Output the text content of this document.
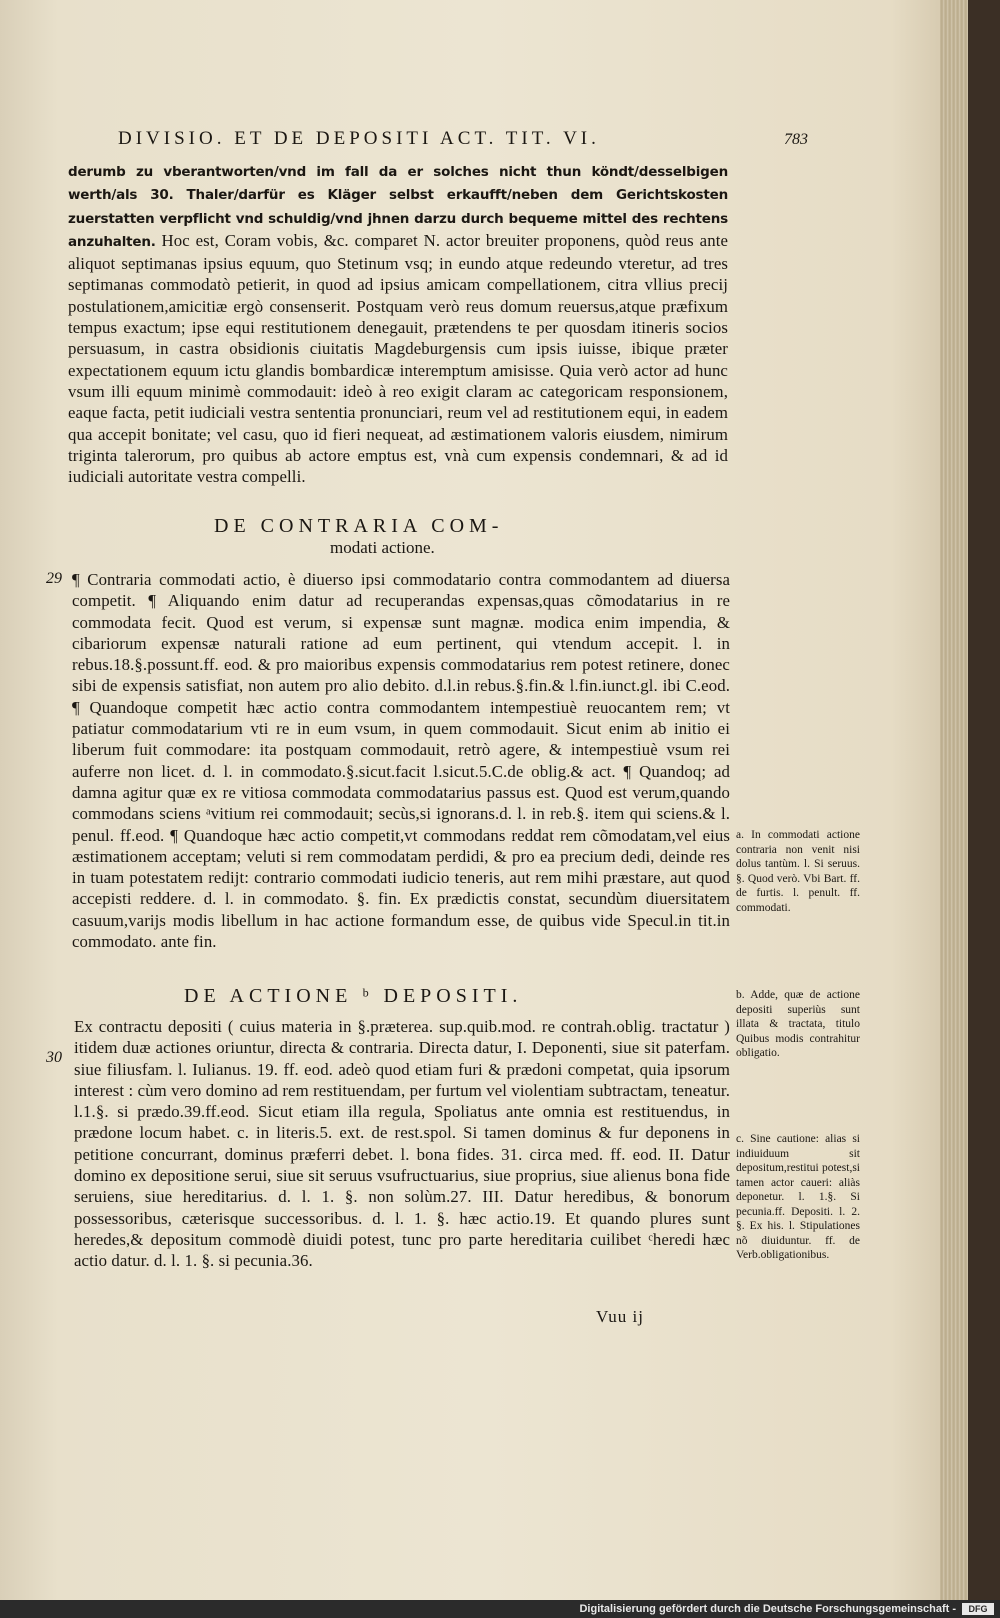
DIVISIO. ET DE DEPOSITI ACT. TIT. VI.	783

derumb zu vberantworten/vnd im fall da er solches nicht thun köndt/desselbigen werth/als 30. Thaler/darfür es Kläger selbst erkaufft/neben dem Gerichtskosten zuerstatten verpflicht vnd schuldig/vnd jhnen darzu durch bequeme mittel des rechtens anzuhalten. Hoc est, Coram vobis, &c. comparet N. actor breuiter proponens, quòd reus ante aliquot septimanas ipsius equum, quo Stetinum vsq; in eundo atque redeundo vteretur, ad tres septimanas commodatò petierit, in quod ad ipsius amicam compellationem, citra vllius precij postulationem,amicitiæ ergò consenserit. Postquam verò reus domum reuersus,atque præfixum tempus exactum; ipse equi restitutionem denegauit, prætendens te per quosdam itineris socios persuasum, in castra obsidionis ciuitatis Magdeburgensis cum ipsis iuisse, ibique præter expectationem equum ictu glandis bombardicæ interemptum amisisse. Quia verò actor ad hunc vsum illi equum minimè commodauit: ideò à reo exigit claram ac categoricam responsionem, eaque facta, petit iudiciali vestra sententia pronunciari, reum vel ad restitutionem equi, in eadem qua accepit bonitate; vel casu, quo id fieri nequeat, ad æstimationem valoris eiusdem, nimirum triginta talerorum, pro quibus ab actore emptus est, vnà cum expensis condemnari, & ad id iudiciali autoritate vestra compelli.

DE CONTRARIA COM-
modati actione.
29 ¶ Contraria commodati actio, è diuerso ipsi commodatario contra commodantem ad diuersa competit. ¶ Aliquando enim datur ad recuperandas expensas,quas cõmodatarius in re commodata fecit. Quod est verum, si expensæ sunt magnæ. modica enim impendia, & cibariorum expensæ naturali ratione ad eum pertinent, qui vtendum accepit. l. in rebus.18.§.possunt.ff. eod. & pro maioribus expensis commodatarius rem potest retinere, donec sibi de expensis satisfiat, non autem pro alio debito. d.l.in rebus.§.fin.& l.fin.iunct.gl. ibi C.eod. ¶ Quandoque competit hæc actio contra commodantem intempestiuè reuocantem rem; vt patiatur commodatarium vti re in eum vsum, in quem commodauit. Sicut enim ab initio ei liberum fuit commodare: ita postquam commodauit, retrò agere, & intempestiuè vsum rei auferre non licet. d. l. in commodato.§.sicut.facit l.sicut.5.C.de oblig.& act. ¶ Quandoq; ad damna agitur quæ ex re vitiosa commodata commodatarius passus est. Quod est verum,quando commodans sciens ᵃvitium rei commodauit; secùs,si ignorans.d. l. in reb.§. item qui sciens.& l. penul. ff.eod. ¶ Quandoque hæc actio competit,vt commodans reddat rem cõmodatam,vel eius æstimationem acceptam; veluti si rem commodatam perdidi, & pro ea precium dedi, deinde res in tuam potestatem redijt: contrario commodati iudicio teneris, aut rem mihi præstare, aut quod accepisti reddere. d. l. in commodato. §. fin. Ex prædictis constat, secundùm diuersitatem casuum,varijs modis libellum in hac actione formandum esse, de quibus vide Specul.in tit.in commodato. ante fin.

DE ACTIONE ᵇ DEPOSITI.
30

Ex contractu depositi ( cuius materia in §.præterea. sup.quib.mod. re contrah.oblig. tractatur ) itidem duæ actiones oriuntur, directa & contraria. Directa datur, I. Deponenti, siue sit paterfam. siue filiusfam. l. Iulianus. 19. ff. eod. adeò quod etiam furi & prædoni competat, quia ipsorum interest : cùm vero domino ad rem restituendam, per furtum vel violentiam subtractam, teneatur. l.1.§. si prædo.39.ff.eod. Sicut etiam illa regula, Spoliatus ante omnia est restituendus, in prædone locum habet. c. in literis.5. ext. de rest.spol. Si tamen dominus & fur deponens in petitione concurrant, dominus præferri debet. l. bona fides. 31. circa med. ff. eod. II. Datur domino ex depositione serui, siue sit seruus vsufructuarius, siue proprius, siue alienus bona fide seruiens, siue hereditarius. d. l. 1. §. non solùm.27. III. Datur heredibus, & bonorum possessoribus, cæterisque successoribus. d. l. 1. §. hæc actio.19. Et quando plures sunt heredes,& depositum commodè diuidi potest, tunc pro parte hereditaria cuilibet ᶜheredi hæc actio datur. d. l. 1. §. si pecunia.36.

a. In commodati actione contraria non venit nisi dolus tantùm. l. Si seruus. §. Quod verò. Vbi Bart. ff. de furtis. l. penult. ff. commodati.

b. Adde, quæ de actione depositi superiùs sunt illata & tractata, titulo Quibus modis contrahitur obligatio.

c. Sine cautione: alias si indiuiduum sit depositum,restitui potest,si tamen actor caueri: aliàs deponetur. l. 1.§. Si pecunia.ff. Depositi. l. 2. §. Ex his. l. Stipulationes nõ diuiduntur. ff. de Verb.obligationibus.

Vuu ij
Digitalisierung gefördert durch die Deutsche Forschungsgemeinschaft -	DFG
